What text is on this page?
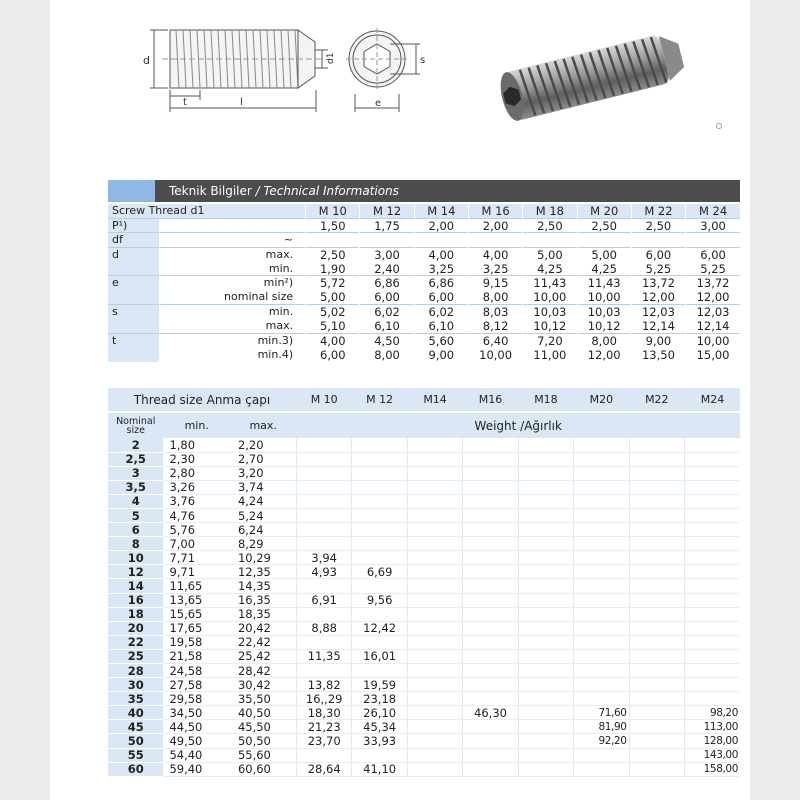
d
t	l
d1	s
e
Teknik Bilgiler / Technical Informations
Screw Thread d1		M 10	M 12	M 14	M 16	M 18	M 20	M 22	M 24
P¹)		1,50	1,75	2,00	2,00	2,50	2,50	2,50	3,00
df	~								
d	max.	2,50	3,00	4,00	4,00	5,00	5,00	6,00	6,00
	min.	1,90	2,40	3,25	3,25	4,25	4,25	5,25	5,25
e	min²)	5,72	6,86	6,86	9,15	11,43	11,43	13,72	13,72
	nominal size	5,00	6,00	6,00	8,00	10,00	10,00	12,00	12,00
s	min.	5,02	6,02	6,02	8,03	10,03	10,03	12,03	12,03
	max.	5,10	6,10	6,10	8,12	10,12	10,12	12,14	12,14
t	min.3)	4,00	4,50	5,60	6,40	7,20	8,00	9,00	10,00
	min.4)	6,00	8,00	9,00	10,00	11,00	12,00	13,50	15,00
Thread size Anma çapı			M 10	M 12	M14	M16	M18	M20	M22	M24
Nominal size	min.	max.	Weight /Ağırlık							
2	1,80	2,20								
2,5	2,30	2,70								
3	2,80	3,20								
3,5	3,26	3,74								
4	3,76	4,24								
5	4,76	5,24								
6	5,76	6,24								
8	7,00	8,29								
10	7,71	10,29	3,94							
12	9,71	12,35	4,93	6,69						
14	11,65	14,35								
16	13,65	16,35	6,91	9,56						
18	15,65	18,35								
20	17,65	20,42	8,88	12,42						
22	19,58	22,42								
25	21,58	25,42	11,35	16,01						
28	24,58	28,42								
30	27,58	30,42	13,82	19,59						
35	29,58	35,50	16,,29	23,18						
40	34,50	40,50	18,30	26,10		46,30		71,60		98,20
45	44,50	45,50	21,23	45,34				81,90		113,00
50	49,50	50,50	23,70	33,93				92,20		128,00
55	54,40	55,60								143,00
60	59,40	60,60	28,64	41,10						158,00
